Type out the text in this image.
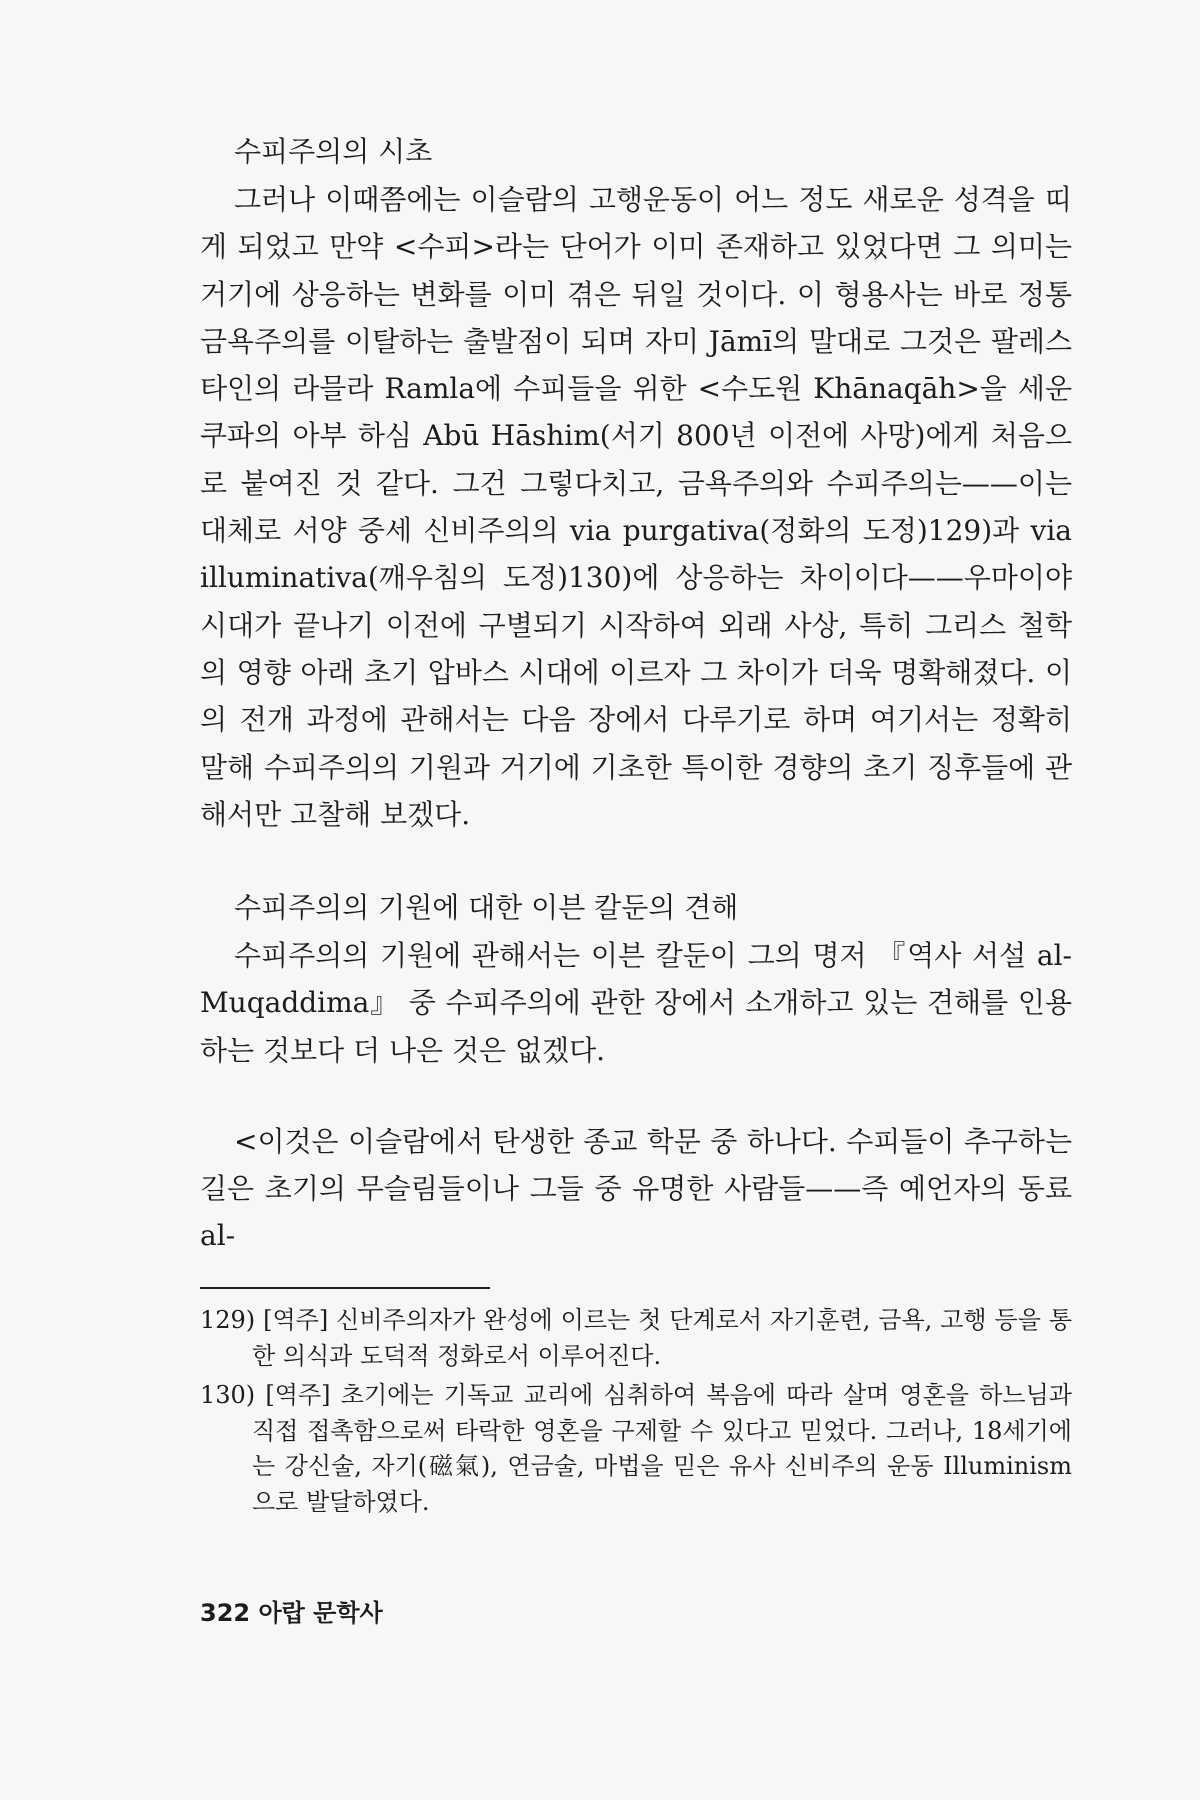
수피주의의 시초

그러나 이때쯤에는 이슬람의 고행운동이 어느 정도 새로운 성격을 띠게 되었고 만약 <수피>라는 단어가 이미 존재하고 있었다면 그 의미는 거기에 상응하는 변화를 이미 겪은 뒤일 것이다. 이 형용사는 바로 정통 금욕주의를 이탈하는 출발점이 되며 자미 Jāmī의 말대로 그것은 팔레스타인의 라믈라 Ramla에 수피들을 위한 <수도원 Khānaqāh>을 세운 쿠파의 아부 하심 Abū Hāshim(서기 800년 이전에 사망)에게 처음으로 붙여진 것 같다. 그건 그렇다치고, 금욕주의와 수피주의는——이는 대체로 서양 중세 신비주의의 via purgativa(정화의 도정)129)과 via illuminativa(깨우침의 도정)130)에 상응하는 차이이다——우마이야 시대가 끝나기 이전에 구별되기 시작하여 외래 사상, 특히 그리스 철학의 영향 아래 초기 압바스 시대에 이르자 그 차이가 더욱 명확해졌다. 이의 전개 과정에 관해서는 다음 장에서 다루기로 하며 여기서는 정확히 말해 수피주의의 기원과 거기에 기초한 특이한 경향의 초기 징후들에 관해서만 고찰해 보겠다.

수피주의의 기원에 대한 이븐 칼둔의 견해

수피주의의 기원에 관해서는 이븐 칼둔이 그의 명저 『역사 서설 al-Muqaddima』 중 수피주의에 관한 장에서 소개하고 있는 견해를 인용하는 것보다 더 나은 것은 없겠다.

<이것은 이슬람에서 탄생한 종교 학문 중 하나다. 수피들이 추구하는 길은 초기의 무슬림들이나 그들 중 유명한 사람들——즉 예언자의 동료al-

129) [역주] 신비주의자가 완성에 이르는 첫 단계로서 자기훈련, 금욕, 고행 등을 통한 의식과 도덕적 정화로서 이루어진다.

130) [역주] 초기에는 기독교 교리에 심취하여 복음에 따라 살며 영혼을 하느님과 직접 접촉함으로써 타락한 영혼을 구제할 수 있다고 믿었다. 그러나, 18세기에는 강신술, 자기(磁氣), 연금술, 마법을 믿은 유사 신비주의 운동 Illuminism으로 발달하였다.

322 아랍 문학사
